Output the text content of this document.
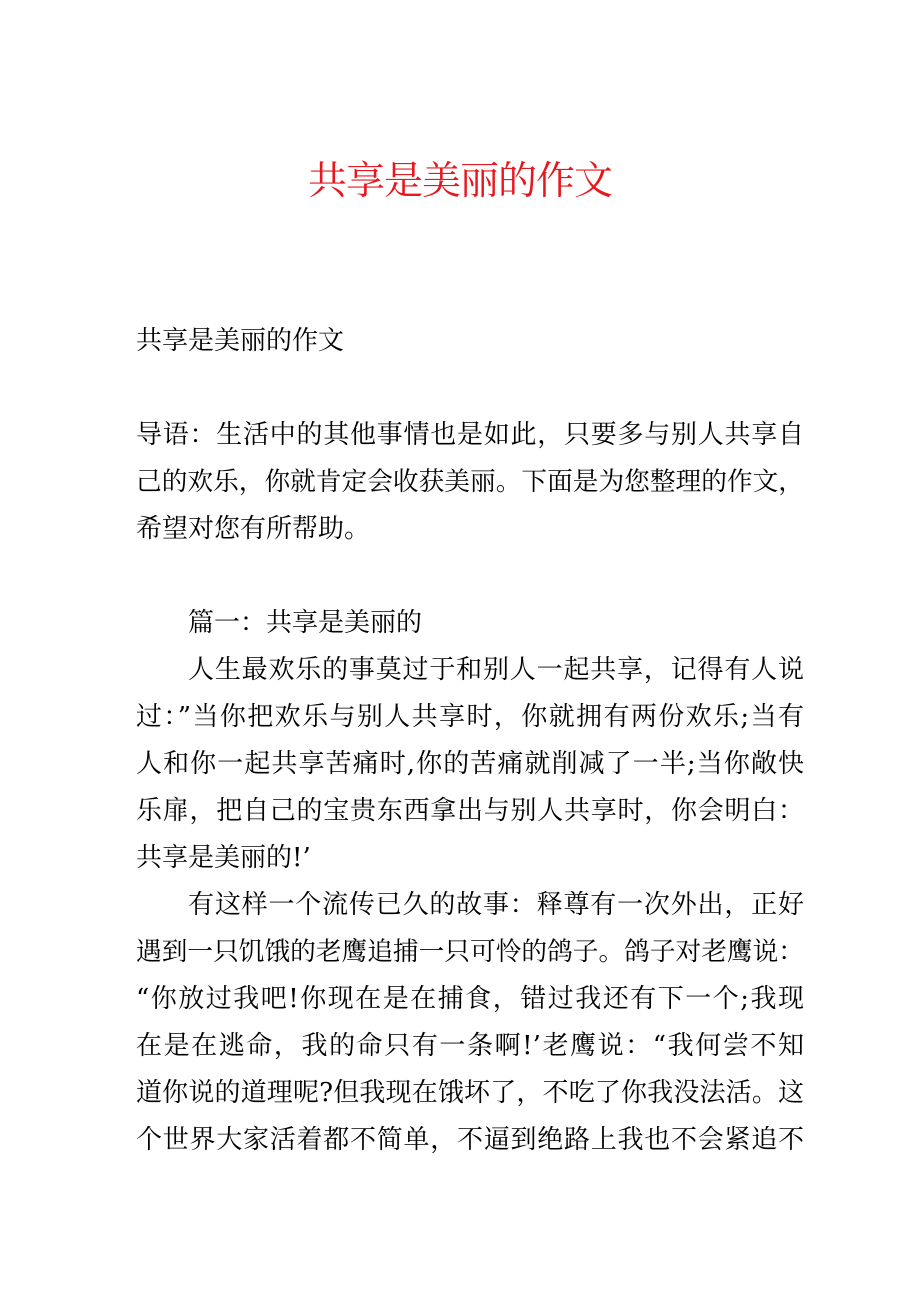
共享是美丽的作文
共享是美丽的作文
导语：生活中的其他事情也是如此，只要多与别人共享自
己的欢乐，你就肯定会收获美丽。下面是为您整理的作文，
希望对您有所帮助。
篇一：共享是美丽的
人生最欢乐的事莫过于和别人一起共享，记得有人说
过：”当你把欢乐与别人共享时，你就拥有两份欢乐;当有
人和你一起共享苦痛时,你的苦痛就削减了一半;当你敞快
乐扉，把自己的宝贵东西拿出与别人共享时，你会明白：
共享是美丽的!’
有这样一个流传已久的故事：释尊有一次外出，正好
遇到一只饥饿的老鹰追捕一只可怜的鸽子。鸽子对老鹰说：
“你放过我吧!你现在是在捕食，错过我还有下一个;我现
在是在逃命，我的命只有一条啊!’老鹰说：“我何尝不知
道你说的道理呢?但我现在饿坏了，不吃了你我没法活。这
个世界大家活着都不简单，不逼到绝路上我也不会紧追不
